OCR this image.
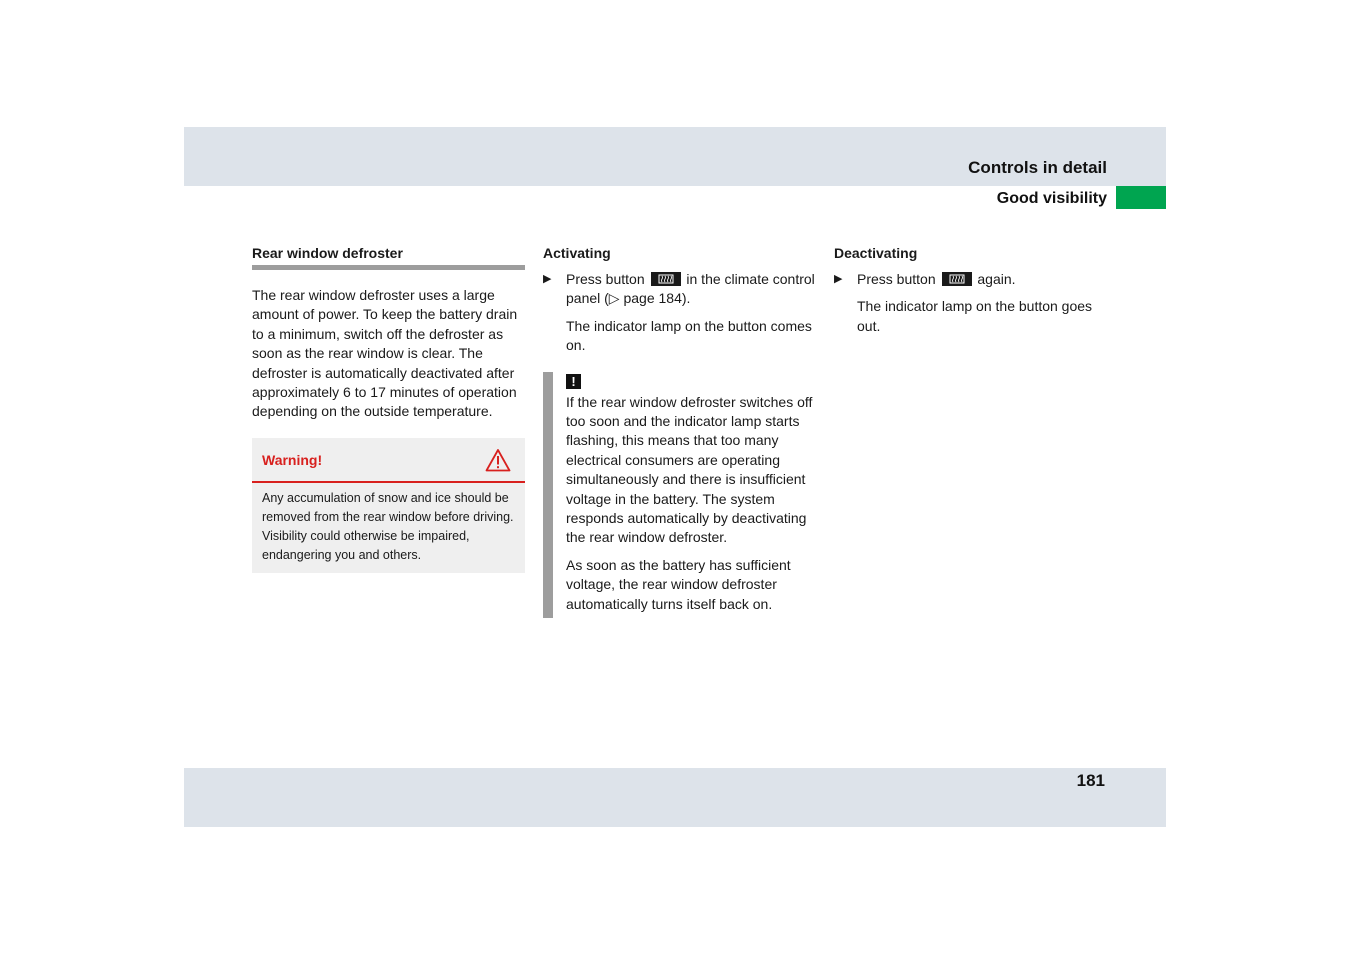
Controls in detail
Good visibility
Rear window defroster

The rear window defroster uses a large amount of power. To keep the battery drain to a minimum, switch off the defroster as soon as the rear window is clear. The defroster is automatically deactivated after approximately 6 to 17 minutes of operation depending on the outside temperature.

Warning!
Any accumulation of snow and ice should be removed from the rear window before driving. Visibility could otherwise be impaired, endangering you and others.
Activating

▶ Press button	in the climate control panel (▷ page 184).

The indicator lamp on the button comes on.

!

If the rear window defroster switches off too soon and the indicator lamp starts flashing, this means that too many electrical consumers are operating simultaneously and there is insufficient voltage in the battery. The system responds automatically by deactivating the rear window defroster.

As soon as the battery has sufficient voltage, the rear window defroster automatically turns itself back on.

Deactivating

▶ Press button	again.

The indicator lamp on the button goes out.

181
